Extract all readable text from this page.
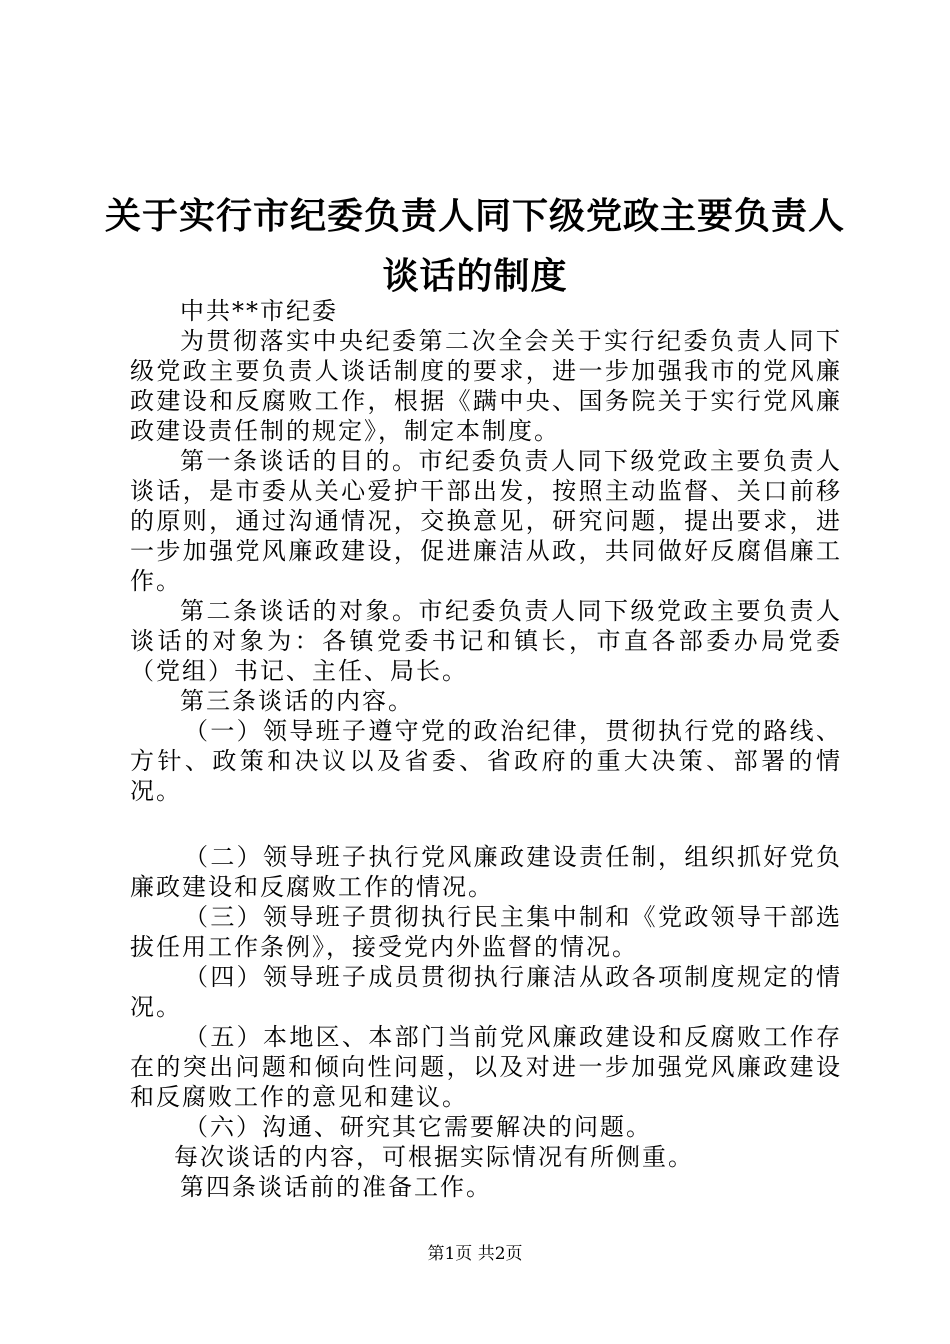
关于实行市纪委负责人同下级党政主要负责人
谈话的制度

中共**市纪委

为贯彻落实中央纪委第二次全会关于实行纪委负责人同下级党政主要负责人谈话制度的要求，进一步加强我市的党风廉政建设和反腐败工作，根据《蹒中央、国务院关于实行党风廉政建设责任制的规定》，制定本制度。

第一条谈话的目的。市纪委负责人同下级党政主要负责人谈话，是市委从关心爱护干部出发，按照主动监督、关口前移的原则，通过沟通情况，交换意见，研究问题，提出要求，进一步加强党风廉政建设，促进廉洁从政，共同做好反腐倡廉工作。

第二条谈话的对象。市纪委负责人同下级党政主要负责人谈话的对象为：各镇党委书记和镇长，市直各部委办局党委（党组）书记、主任、局长。

第三条谈话的内容。

（一）领导班子遵守党的政治纪律，贯彻执行党的路线、方针、政策和决议以及省委、省政府的重大决策、部署的情况。

（二）领导班子执行党风廉政建设责任制，组织抓好党负廉政建设和反腐败工作的情况。

（三）领导班子贯彻执行民主集中制和《党政领导干部选拔任用工作条例》，接受党内外监督的情况。

（四）领导班子成员贯彻执行廉洁从政各项制度规定的情况。

（五）本地区、本部门当前党风廉政建设和反腐败工作存在的突出问题和倾向性问题，以及对进一步加强党风廉政建设和反腐败工作的意见和建议。

（六）沟通、研究其它需要解决的问题。

每次谈话的内容，可根据实际情况有所侧重。

第四条谈话前的准备工作。

第1页 共2页
